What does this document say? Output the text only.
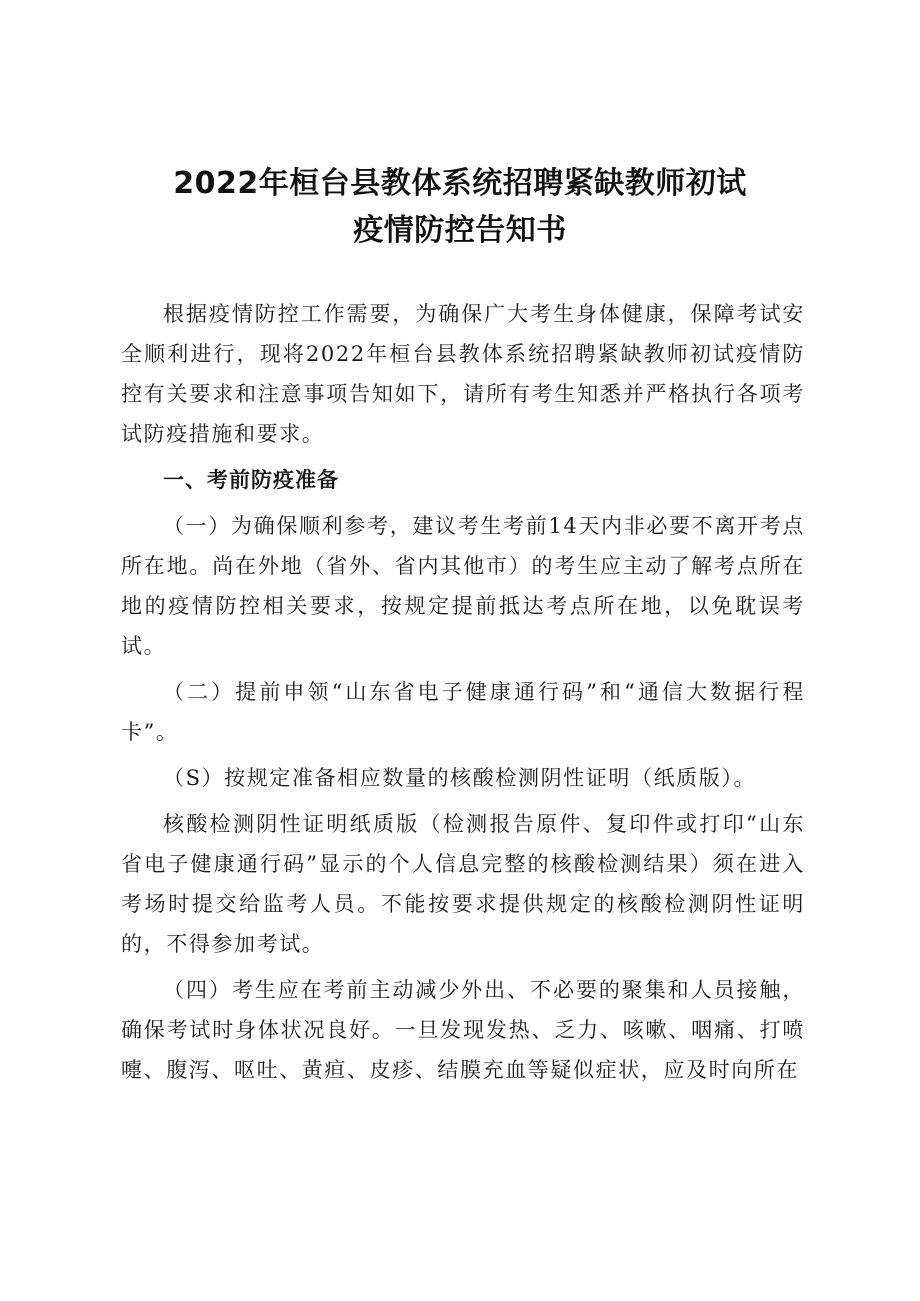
2022年桓台县教体系统招聘紧缺教师初试
疫情防控告知书

根据疫情防控工作需要，为确保广大考生身体健康，保障考试安全顺利进行，现将2022年桓台县教体系统招聘紧缺教师初试疫情防控有关要求和注意事项告知如下，请所有考生知悉并严格执行各项考试防疫措施和要求。

一、考前防疫准备

（一）为确保顺利参考，建议考生考前14天内非必要不离开考点所在地。尚在外地（省外、省内其他市）的考生应主动了解考点所在地的疫情防控相关要求，按规定提前抵达考点所在地，以免耽误考试。

（二）提前申领“山东省电子健康通行码”和“通信大数据行程卡”。

（S）按规定准备相应数量的核酸检测阴性证明（纸质版）。

核酸检测阴性证明纸质版（检测报告原件、复印件或打印“山东省电子健康通行码”显示的个人信息完整的核酸检测结果）须在进入考场时提交给监考人员。不能按要求提供规定的核酸检测阴性证明的，不得参加考试。

（四）考生应在考前主动减少外出、不必要的聚集和人员接触，确保考试时身体状况良好。一旦发现发热、乏力、咳嗽、咽痛、打喷嚏、腹泻、呕吐、黄疸、皮疹、结膜充血等疑似症状，应及时向所在
